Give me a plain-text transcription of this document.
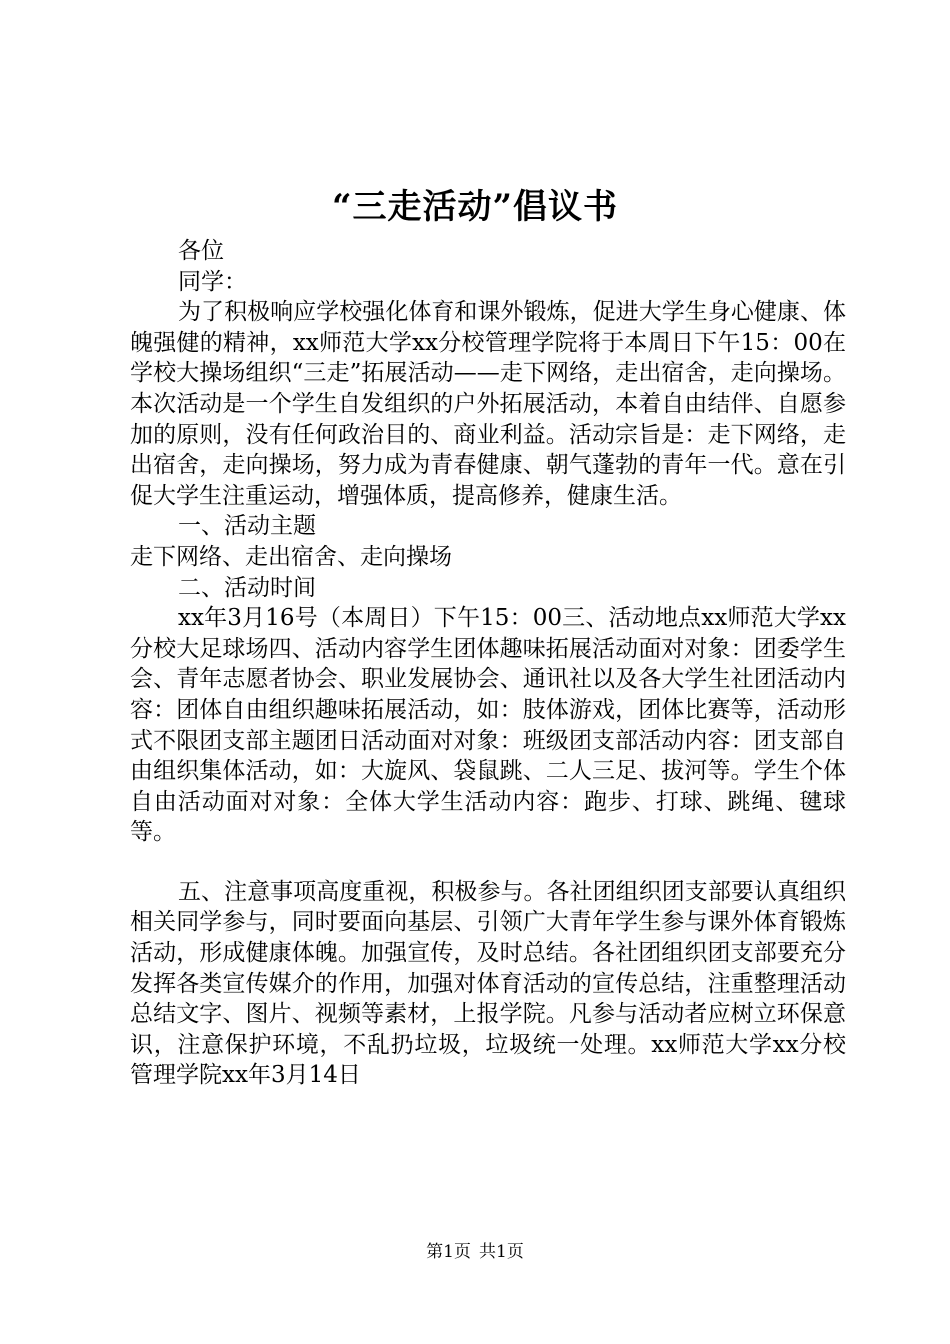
“三走活动”倡议书

各位

同学：

为了积极响应学校强化体育和课外锻炼，促进大学生身心健康、体魄强健的精神，xx师范大学xx分校管理学院将于本周日下午15：00在学校大操场组织“三走”拓展活动——走下网络，走出宿舍，走向操场。本次活动是一个学生自发组织的户外拓展活动，本着自由结伴、自愿参加的原则，没有任何政治目的、商业利益。活动宗旨是：走下网络，走出宿舍，走向操场，努力成为青春健康、朝气蓬勃的青年一代。意在引促大学生注重运动，增强体质，提高修养，健康生活。

一、活动主题

走下网络、走出宿舍、走向操场

二、活动时间

xx年3月16号（本周日）下午15：00三、活动地点xx师范大学xx分校大足球场四、活动内容学生团体趣味拓展活动面对对象：团委学生会、青年志愿者协会、职业发展协会、通讯社以及各大学生社团活动内容：团体自由组织趣味拓展活动，如：肢体游戏，团体比赛等，活动形式不限团支部主题团日活动面对对象：班级团支部活动内容：团支部自由组织集体活动，如：大旋风、袋鼠跳、二人三足、拔河等。学生个体自由活动面对对象：全体大学生活动内容：跑步、打球、跳绳、毽球等。

五、注意事项高度重视，积极参与。各社团组织团支部要认真组织相关同学参与，同时要面向基层、引领广大青年学生参与课外体育锻炼活动，形成健康体魄。加强宣传，及时总结。各社团组织团支部要充分发挥各类宣传媒介的作用，加强对体育活动的宣传总结，注重整理活动总结文字、图片、视频等素材，上报学院。凡参与活动者应树立环保意识，注意保护环境，不乱扔垃圾，垃圾统一处理。xx师范大学xx分校管理学院xx年3月14日

第1页 共1页
